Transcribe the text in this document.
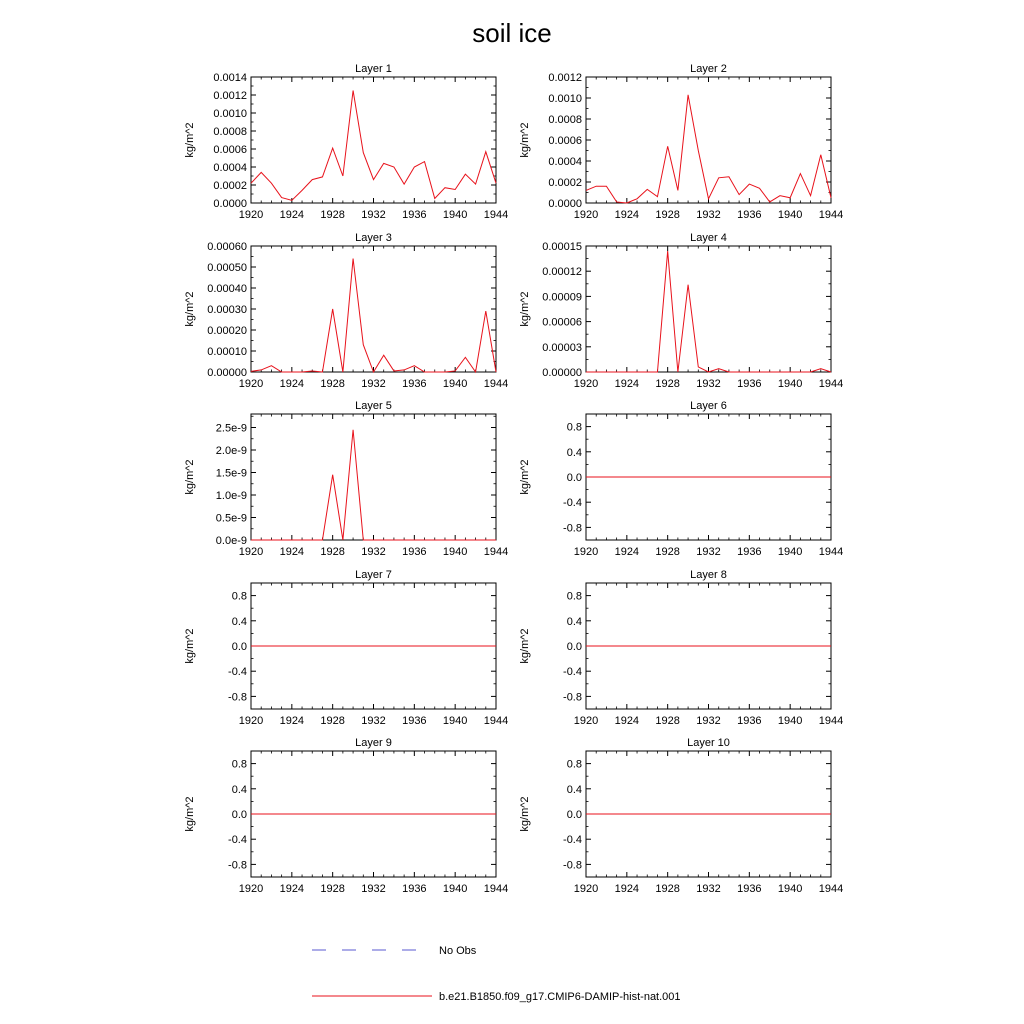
soil ice
Layer 1
kg/m^2
1920 1924 1928 1932 1936 1940 1944
0.0000
0.0002
0.0004
0.0006
0.0008
0.0010
0.0012
0.0014
Layer 2
kg/m^2
1920 1924 1928 1932 1936 1940 1944
0.0000
0.0002
0.0004
0.0006
0.0008
0.0010
0.0012
Layer 3
kg/m^2
1920 1924 1928 1932 1936 1940 1944
0.00000
0.00010
0.00020
0.00030
0.00040
0.00050
0.00060
Layer 4
kg/m^2
1920 1924 1928 1932 1936 1940 1944
0.00000
0.00003
0.00006
0.00009
0.00012
0.00015
Layer 5
kg/m^2
1920 1924 1928 1932 1936 1940 1944
0.0e-9
0.5e-9
1.0e-9
1.5e-9
2.0e-9
2.5e-9
Layer 6
kg/m^2
1920 1924 1928 1932 1936 1940 1944
-0.8
-0.4
0.0
0.4
0.8
Layer 7
kg/m^2
1920 1924 1928 1932 1936 1940 1944
-0.8
-0.4
0.0
0.4
0.8
Layer 8
kg/m^2
1920 1924 1928 1932 1936 1940 1944
-0.8
-0.4
0.0
0.4
0.8
Layer 9
kg/m^2
1920 1924 1928 1932 1936 1940 1944
-0.8
-0.4
0.0
0.4
0.8
Layer 10
kg/m^2
1920 1924 1928 1932 1936 1940 1944
-0.8
-0.4
0.0
0.4
0.8
No Obs
b.e21.B1850.f09_g17.CMIP6-DAMIP-hist-nat.001
